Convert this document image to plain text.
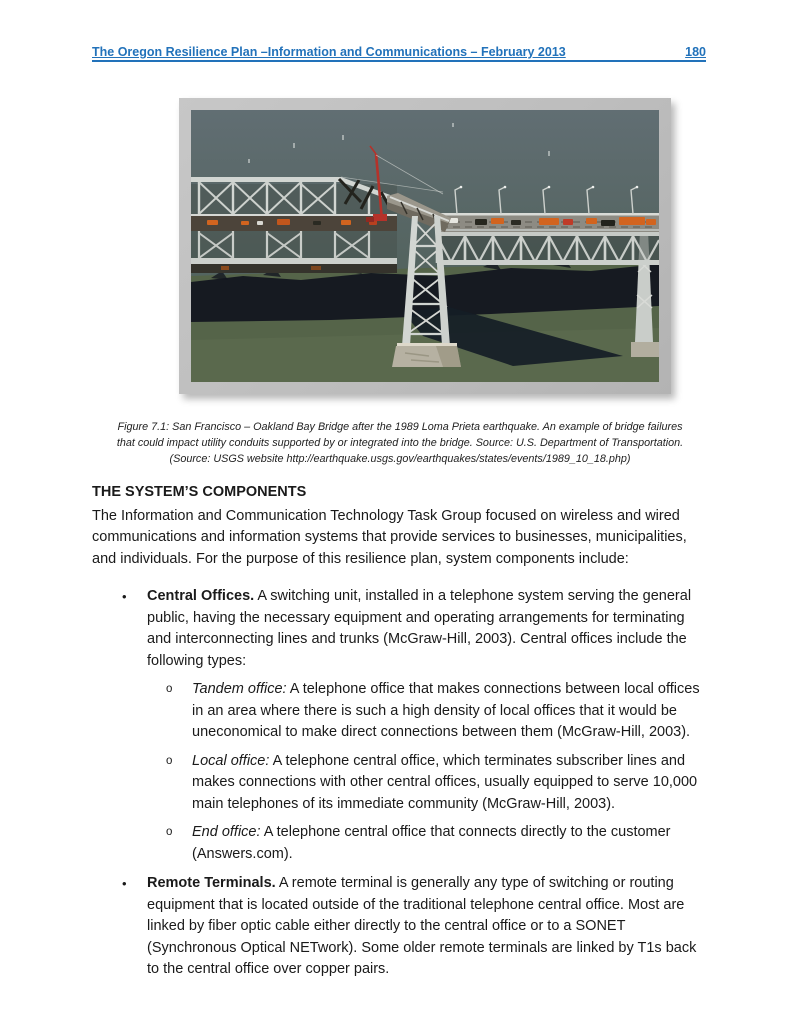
The Oregon Resilience Plan –Information and Communications – February 2013	180
Figure 7.1: San Francisco – Oakland Bay Bridge after the 1989 Loma Prieta earthquake. An example of bridge failures that could impact utility conduits supported by or integrated into the bridge. Source: U.S. Department of Transportation. (Source: USGS website http://earthquake.usgs.gov/earthquakes/states/events/1989_10_18.php)
THE SYSTEM’S COMPONENTS

The Information and Communication Technology Task Group focused on wireless and wired communications and information systems that provide services to businesses, municipalities, and individuals. For the purpose of this resilience plan, system components include:

•	Central Offices. A switching unit, installed in a telephone system serving the general public, having the necessary equipment and operating arrangements for terminating and interconnecting lines and trunks (McGraw-Hill, 2003). Central offices include the following types:
o	Tandem office: A telephone office that makes connections between local offices in an area where there is such a high density of local offices that it would be uneconomical to make direct connections between them (McGraw-Hill, 2003).
o	Local office: A telephone central office, which terminates subscriber lines and makes connections with other central offices, usually equipped to serve 10,000 main telephones of its immediate community (McGraw-Hill, 2003).
o	End office: A telephone central office that connects directly to the customer (Answers.com).
•	Remote Terminals. A remote terminal is generally any type of switching or routing equipment that is located outside of the traditional telephone central office. Most are linked by fiber optic cable either directly to the central office or to a SONET (Synchronous Optical NETwork). Some older remote terminals are linked by T1s back to the central office over copper pairs.
